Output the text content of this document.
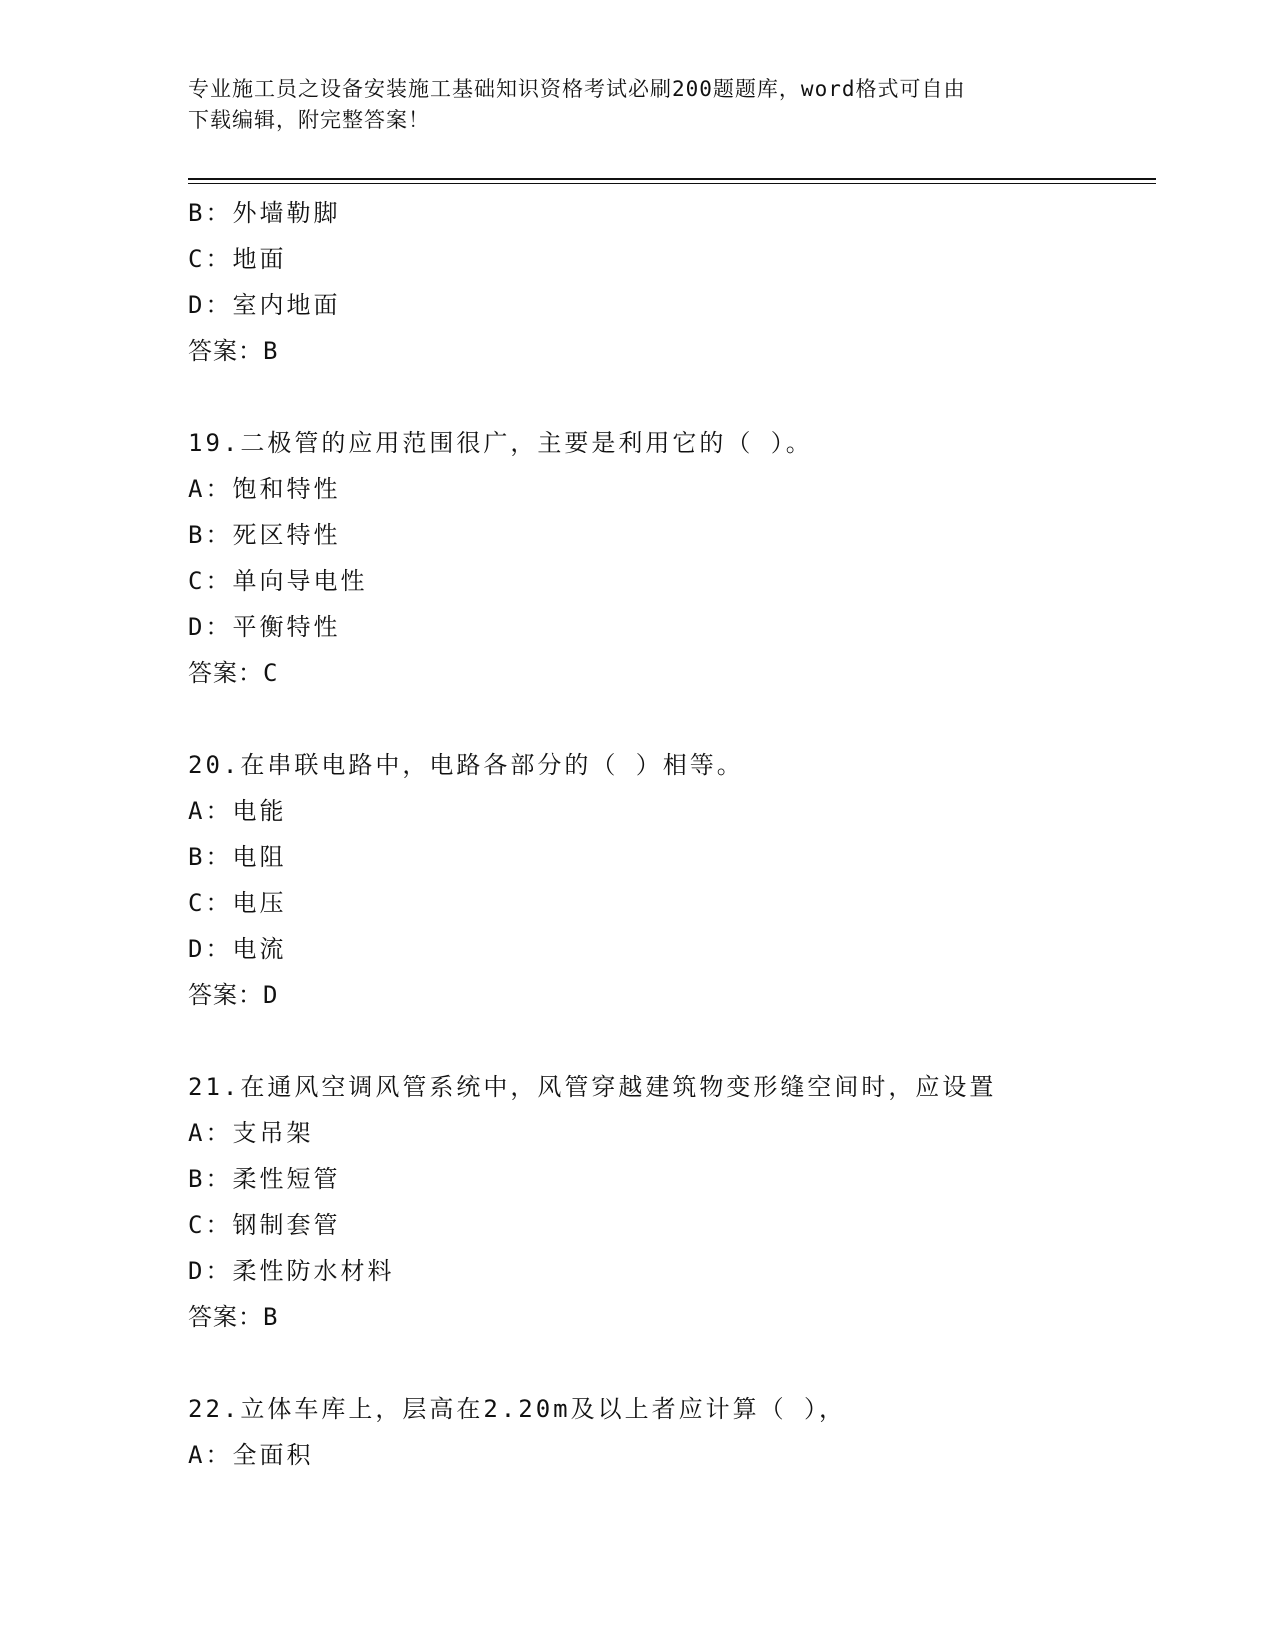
专业施工员之设备安装施工基础知识资格考试必刷200题题库，word格式可自由
下载编辑，附完整答案！
B：外墙勒脚
C：地面
D：室内地面
答案：B
19.二极管的应用范围很广，主要是利用它的（ ）。
A：饱和特性
B：死区特性
C：单向导电性
D：平衡特性
答案：C
20.在串联电路中，电路各部分的（ ）相等。
A：电能
B：电阻
C：电压
D：电流
答案：D
21.在通风空调风管系统中，风管穿越建筑物变形缝空间时，应设置
A：支吊架
B：柔性短管
C：钢制套管
D：柔性防水材料
答案：B
22.立体车库上，层高在2.20m及以上者应计算（ ），
A：全面积
